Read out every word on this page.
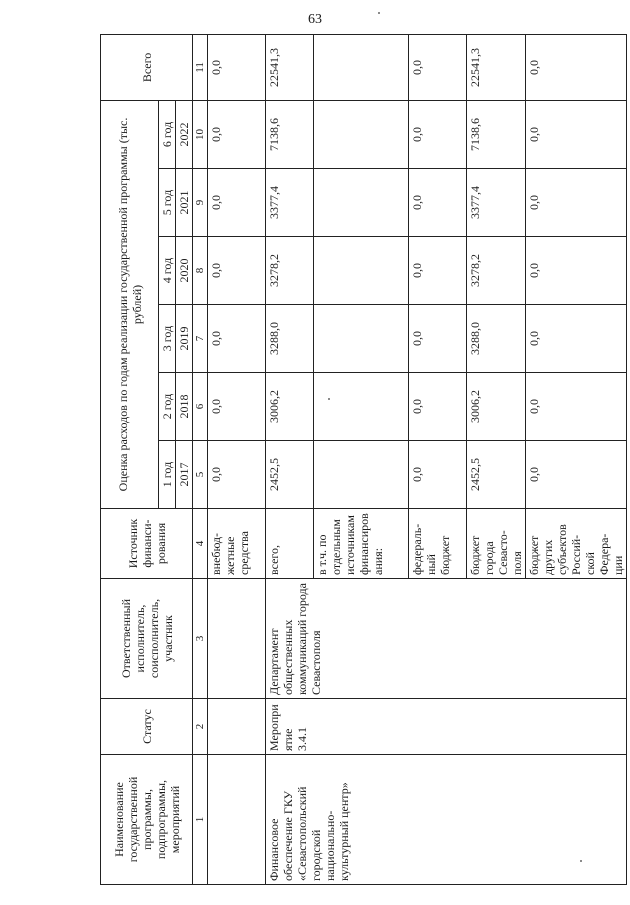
63
Наименование государственной программы, подпрограммы, мероприятий	Статус	Ответственный исполнитель, соисполнитель, участник	Источник финанси- рования	Оценка расходов по годам реализации государственной программы (тыс. рублей)						Всего
				1 год	2 год	3 год	4 год	5 год	6 год	
				2017	2018	2019	2020	2021	2022	
1	2	3	4	5	6	7	8	9	10	11
			внебюд- жетные средства	0,0	0,0	0,0	0,0	0,0	0,0	0,0
Финансовое обеспечение ГКУ «Севастопольский городской национально-культурный центр»	Мероприятие 3.4.1	Департамент общественных коммуникаций города Севастополя	всего,	2452,5	3006,2	3288,0	3278,2	3377,4	7138,6	22541,3
			в т.ч. по отдельным источникам финансирования:							
			федераль- ный бюджет	0,0	0,0	0,0	0,0	0,0	0,0	0,0
			бюджет города Севасто- поля	2452,5	3006,2	3288,0	3278,2	3377,4	7138,6	22541,3
			бюджет других субъектов Россий- ской Федера- ции	0,0	0,0	0,0	0,0	0,0	0,0	0,0
